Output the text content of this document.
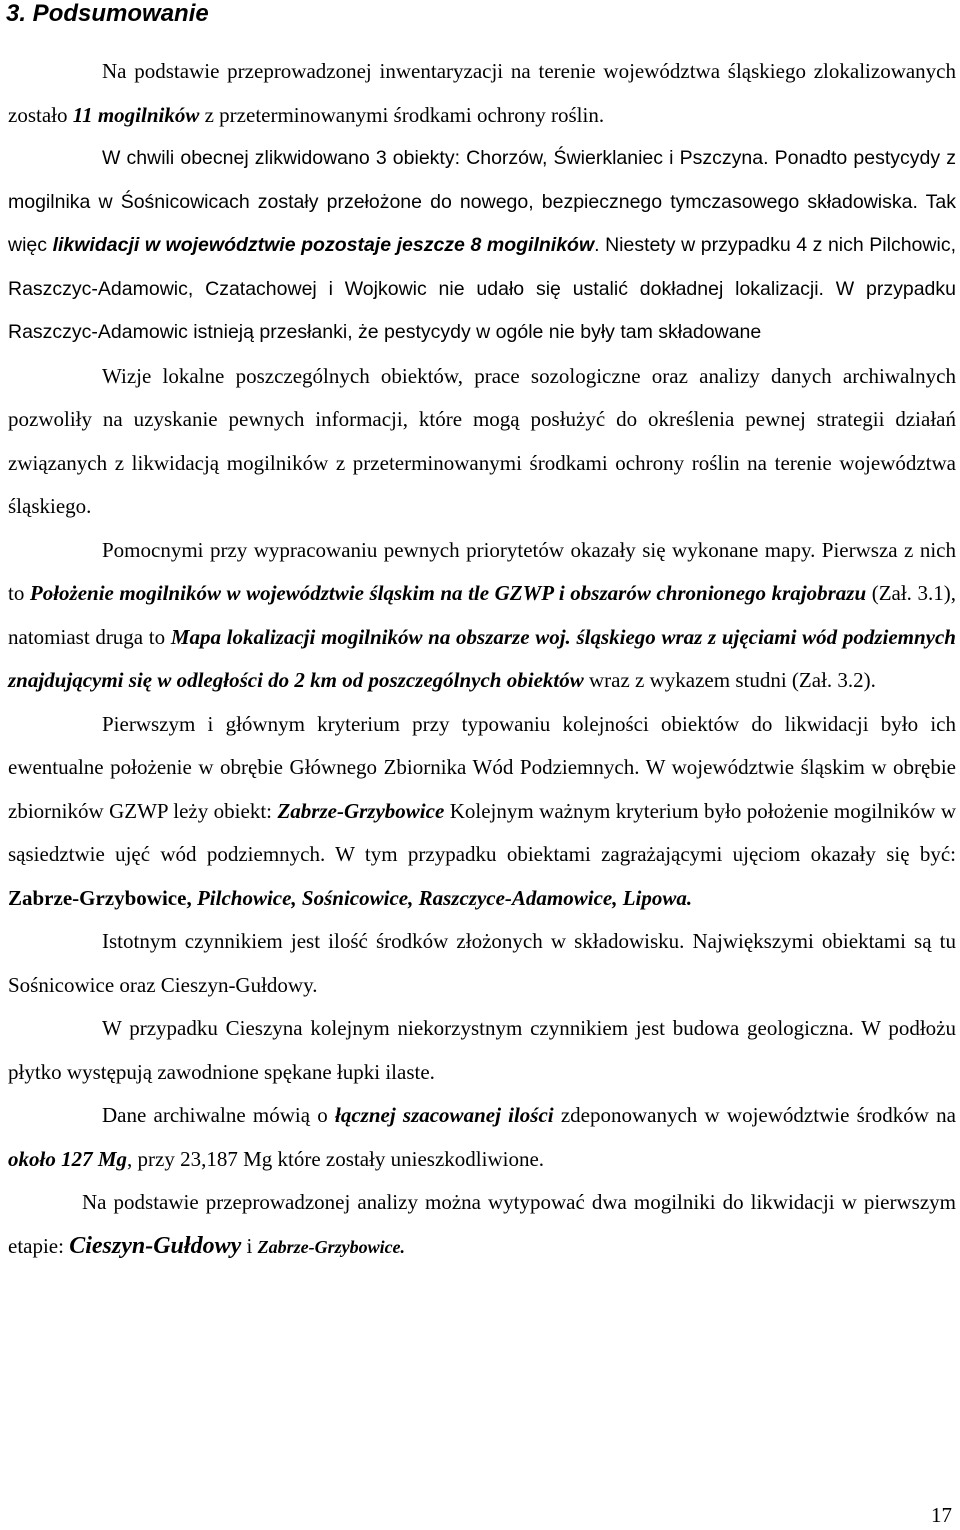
3. Podsumowanie

Na podstawie przeprowadzonej inwentaryzacji na terenie województwa śląskiego zlokalizowanych zostało 11 mogilników z przeterminowanymi środkami ochrony roślin.

W chwili obecnej zlikwidowano 3 obiekty: Chorzów, Świerklaniec i Pszczyna. Ponadto pestycydy z mogilnika w Śośnicowicach zostały przełożone do nowego, bezpiecznego tymczasowego składowiska. Tak więc likwidacji w województwie pozostaje jeszcze 8 mogilników. Niestety w przypadku 4 z nich Pilchowic, Raszczyc-Adamowic, Czatachowej i Wojkowic nie udało się ustalić dokładnej lokalizacji. W przypadku Raszczyc-Adamowic istnieją przesłanki, że pestycydy w ogóle nie były tam składowane

Wizje lokalne poszczególnych obiektów, prace sozologiczne oraz analizy danych archiwalnych pozwoliły na uzyskanie pewnych informacji, które mogą posłużyć do określenia pewnej strategii działań związanych z likwidacją mogilników z przeterminowanymi środkami ochrony roślin na terenie województwa śląskiego.

Pomocnymi przy wypracowaniu pewnych priorytetów okazały się wykonane mapy. Pierwsza z nich to Położenie mogilników w województwie śląskim na tle GZWP i obszarów chronionego krajobrazu (Zał. 3.1), natomiast druga to Mapa lokalizacji mogilników na obszarze woj. śląskiego wraz z ujęciami wód podziemnych znajdującymi się w odległości do 2 km od poszczególnych obiektów wraz z wykazem studni (Zał. 3.2).

Pierwszym i głównym kryterium przy typowaniu kolejności obiektów do likwidacji było ich ewentualne położenie w obrębie Głównego Zbiornika Wód Podziemnych. W województwie śląskim w obrębie zbiorników GZWP leży obiekt: Zabrze-Grzybowice Kolejnym ważnym kryterium było położenie mogilników w sąsiedztwie ujęć wód podziemnych. W tym przypadku obiektami zagrażającymi ujęciom okazały się być: Zabrze-Grzybowice, Pilchowice, Sośnicowice, Raszczyce-Adamowice, Lipowa.

Istotnym czynnikiem jest ilość środków złożonych w składowisku. Największymi obiektami są tu Sośnicowice oraz Cieszyn-Gułdowy.

W przypadku Cieszyna kolejnym niekorzystnym czynnikiem jest budowa geologiczna. W podłożu płytko występują zawodnione spękane łupki ilaste.

Dane archiwalne mówią o łącznej szacowanej ilości zdeponowanych w województwie środków na około 127 Mg, przy 23,187 Mg które zostały unieszkodliwione.

Na podstawie przeprowadzonej analizy można wytypować dwa mogilniki do likwidacji w pierwszym etapie: Cieszyn-Gułdowy i Zabrze-Grzybowice.

17
